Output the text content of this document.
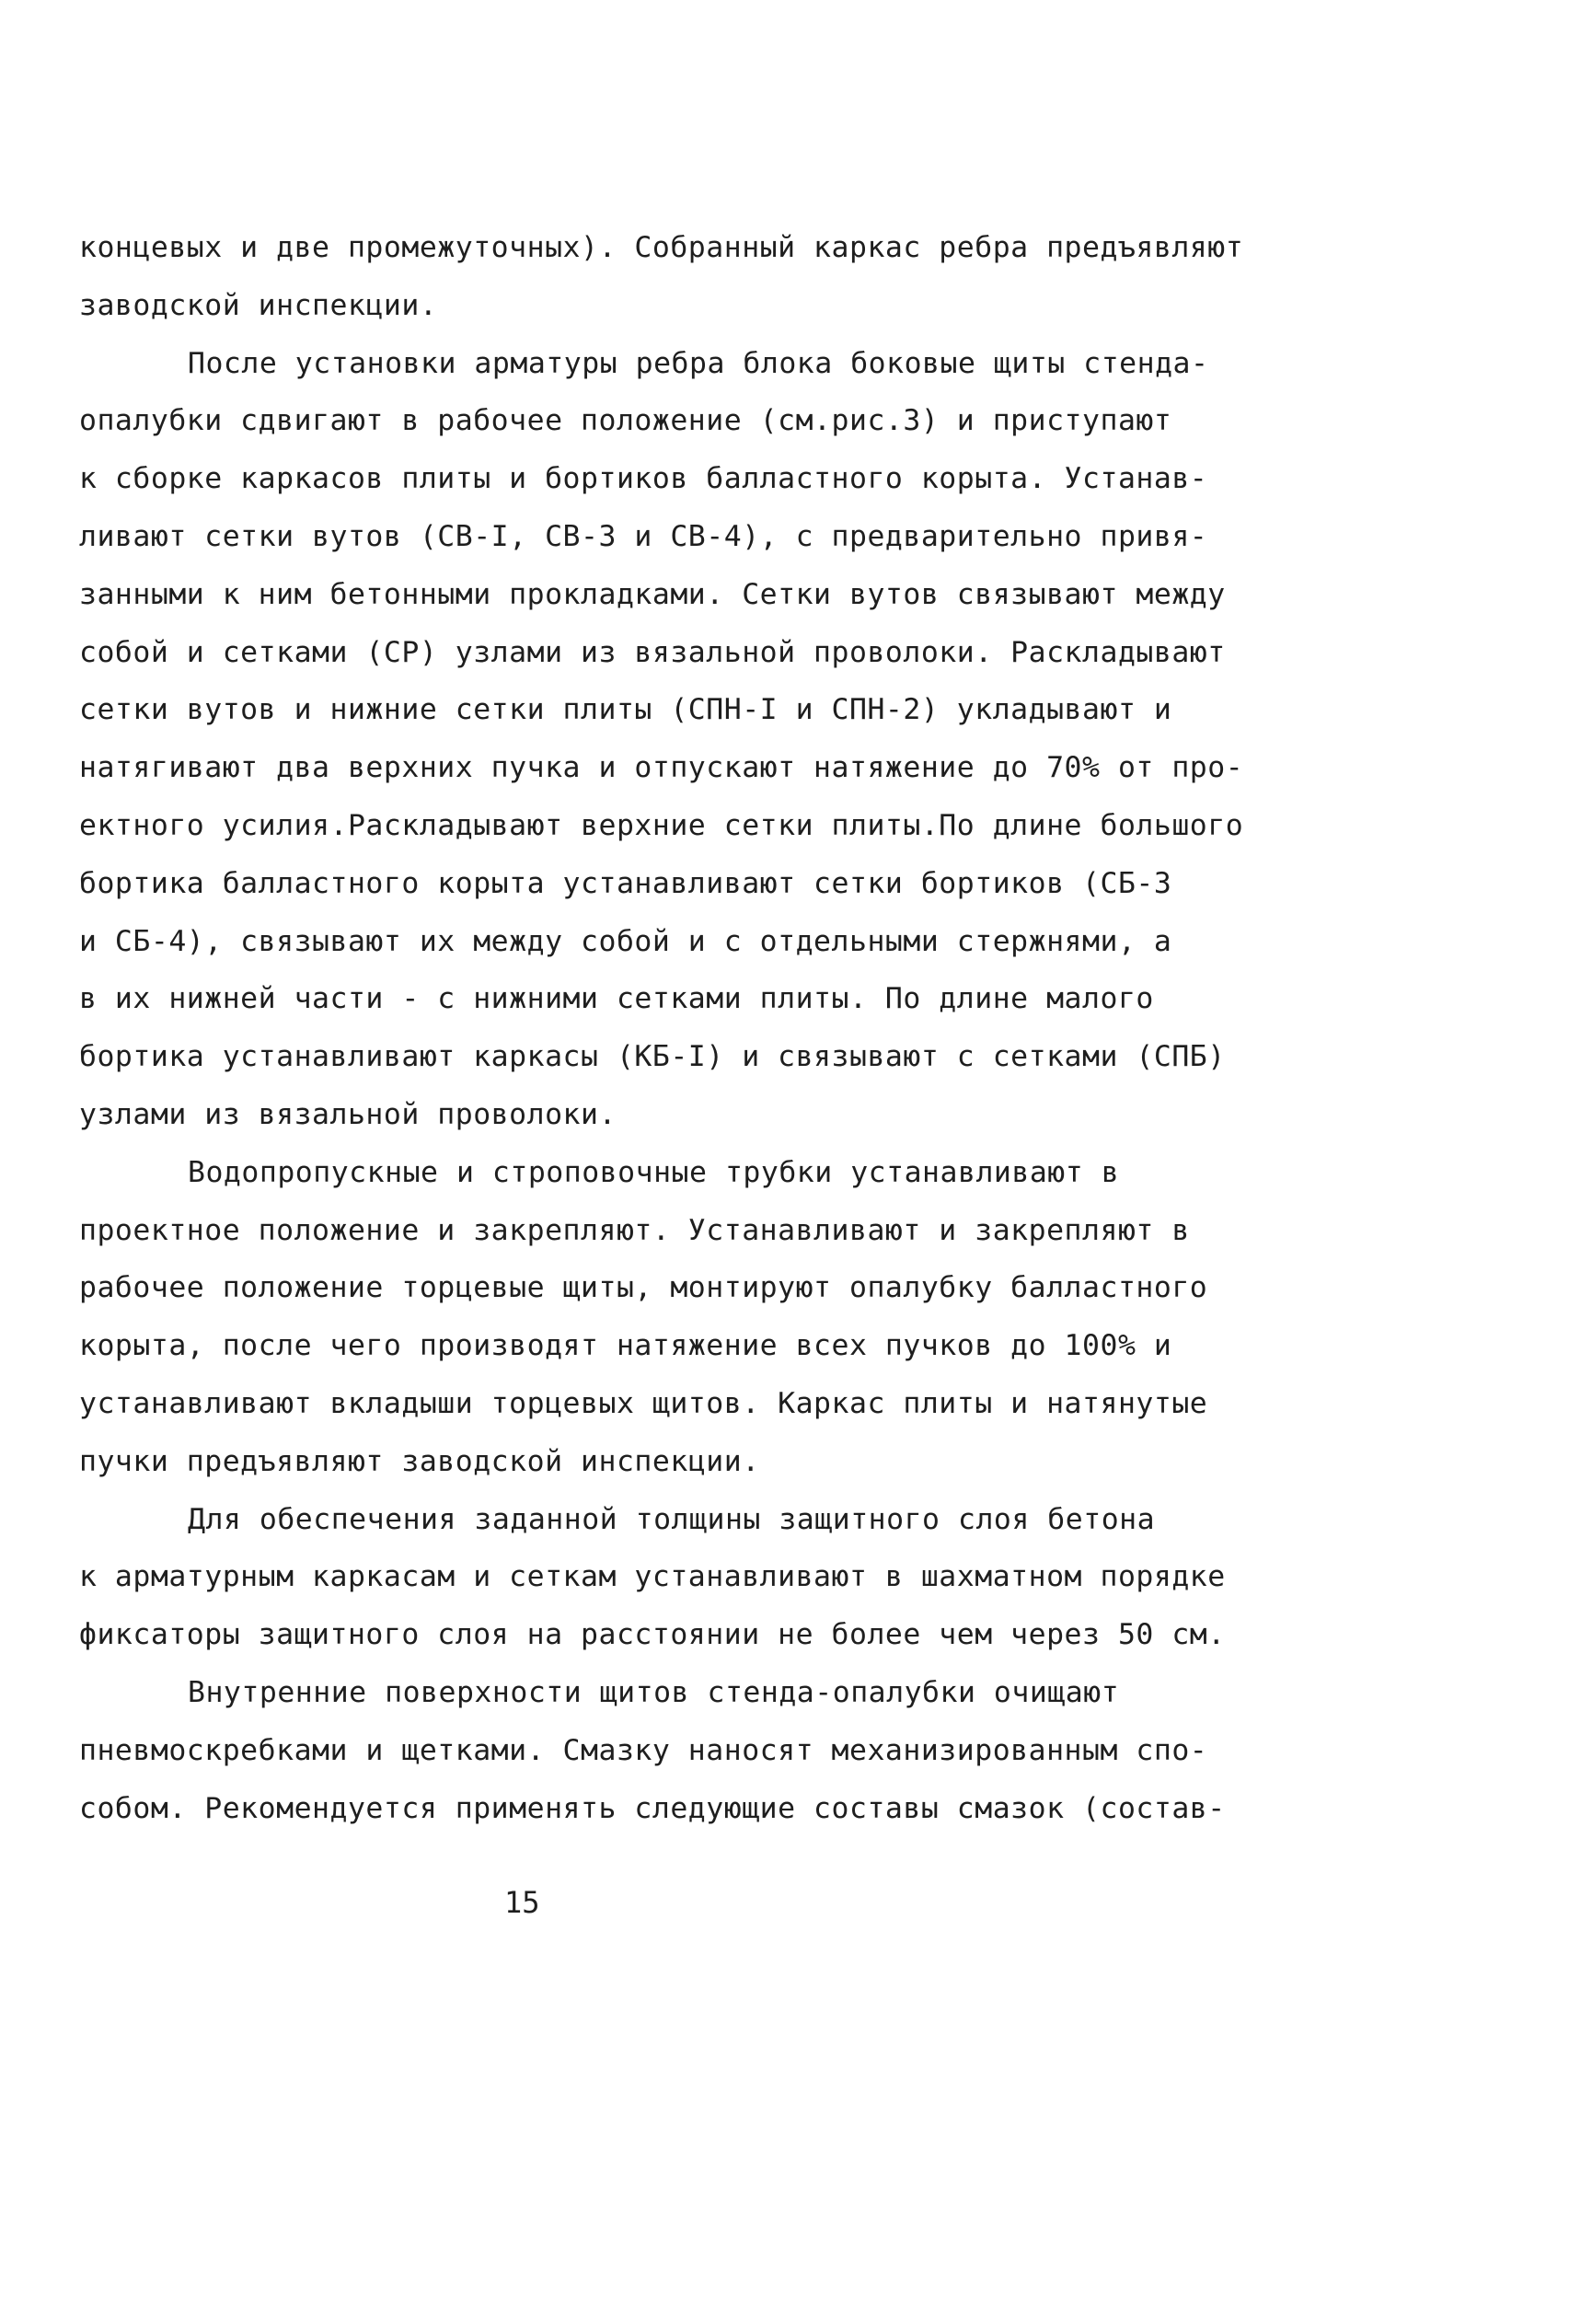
концевых и две промежуточных). Собранный каркас ребра предъявляют
заводской инспекции.
После установки арматуры ребра блока боковые щиты стенда-
опалубки сдвигают в рабочее положение (см.рис.3) и приступают
к сборке каркасов плиты и бортиков балластного корыта. Устанав-
ливают сетки вутов (СВ-I, СВ-3 и СВ-4), с предварительно привя-
занными к ним бетонными прокладками. Сетки вутов связывают между
собой и сетками (СР) узлами из вязальной проволоки. Раскладывают
сетки вутов и нижние сетки плиты (СПН-I и СПН-2) укладывают и
натягивают два верхних пучка и отпускают натяжение до 70% от про-
ектного усилия.Раскладывают верхние сетки плиты.По длине большого
бортика балластного корыта устанавливают сетки бортиков (СБ-3
и СБ-4), связывают их между собой и с отдельными стержнями, а
в их нижней части - с нижними сетками плиты. По длине малого
бортика устанавливают каркасы (КБ-I) и связывают с сетками (СПБ)
узлами из вязальной проволоки.
Водопропускные и строповочные трубки устанавливают в
проектное положение и закрепляют. Устанавливают и закрепляют в
рабочее положение торцевые щиты, монтируют опалубку балластного
корыта, после чего производят натяжение всех пучков до 100% и
устанавливают вкладыши торцевых щитов. Каркас плиты и натянутые
пучки предъявляют заводской инспекции.
Для обеспечения заданной толщины защитного слоя бетона
к арматурным каркасам и сеткам устанавливают в шахматном порядке
фиксаторы защитного слоя на расстоянии не более чем через 50 см.
Внутренние поверхности щитов стенда-опалубки очищают
пневмоскребками и щетками. Смазку наносят механизированным спо-
собом. Рекомендуется применять следующие составы смазок (состав-
15
